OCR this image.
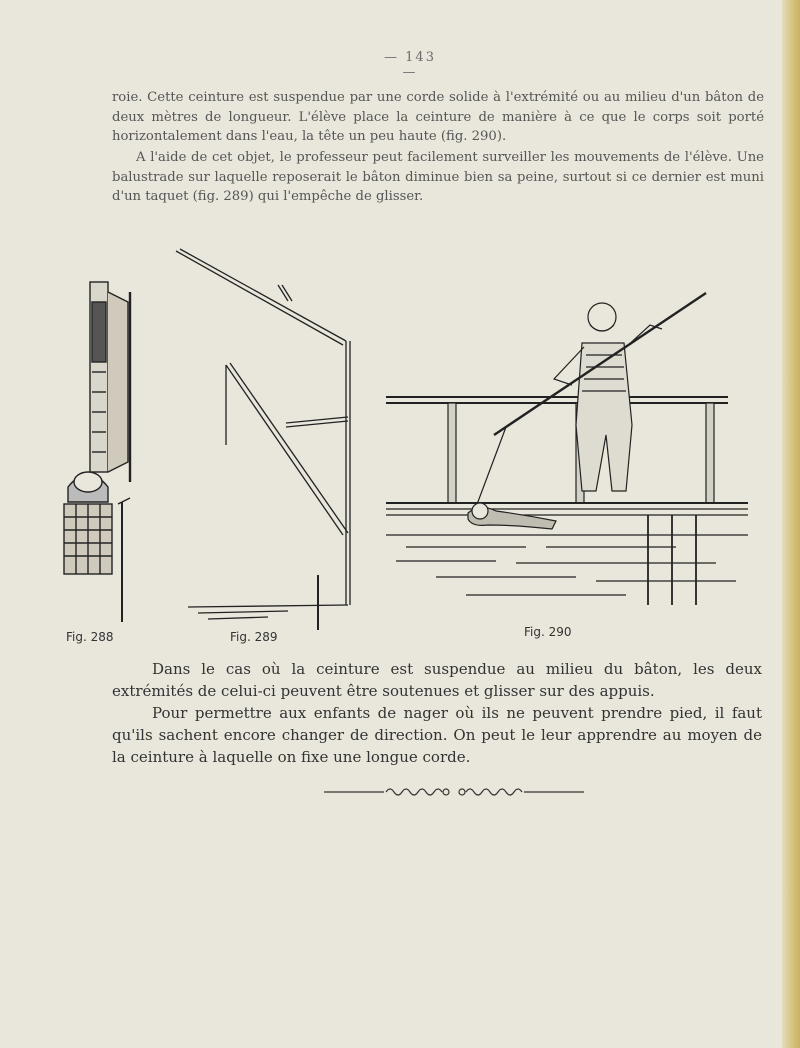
— 143 —

roie. Cette ceinture est suspendue par une corde solide à l'extrémité ou au milieu d'un bâton de deux mètres de longueur. L'élève place la ceinture de manière à ce que le corps soit porté horizontalement dans l'eau, la tête un peu haute (fig. 290).

A l'aide de cet objet, le professeur peut facilement surveiller les mouvements de l'élève. Une balustrade sur laquelle reposerait le bâton diminue bien sa peine, surtout si ce dernier est muni d'un taquet (fig. 289) qui l'empêche de glisser.

Fig. 288	Fig. 289	Fig. 290

Dans le cas où la ceinture est suspendue au milieu du bâton, les deux extrémités de celui-ci peuvent être soutenues et glisser sur des appuis.

Pour permettre aux enfants de nager où ils ne peuvent prendre pied, il faut qu'ils sachent encore changer de direction. On peut le leur apprendre au moyen de la ceinture à laquelle on fixe une longue corde.
